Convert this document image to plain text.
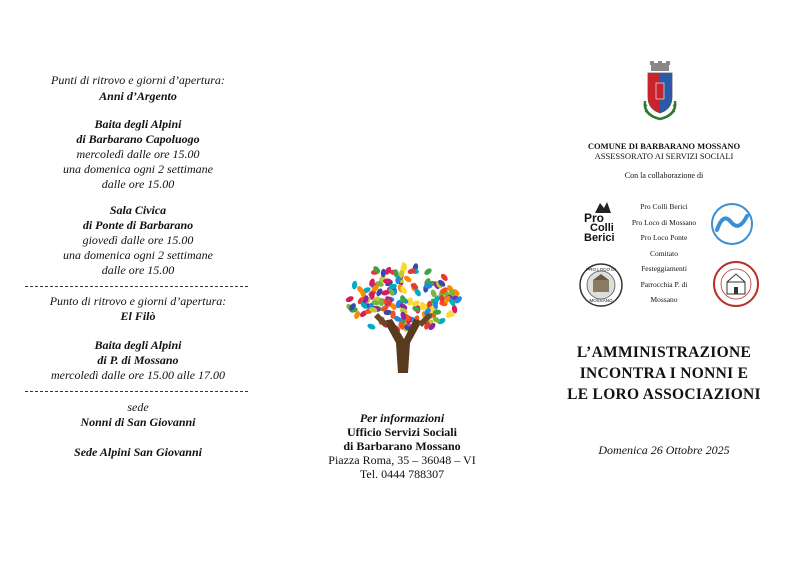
Punti di ritrovo e giorni d’apertura:
Anni d’Argento
Baita degli Alpini
di Barbarano Capoluogo
mercoledì dalle ore 15.00
una domenica ogni 2 settimane
dalle ore 15.00
Sala Civica
di Ponte di Barbarano
giovedì dalle ore 15.00
una domenica ogni 2 settimane
dalle ore 15.00
Punto di ritrovo e giorni d’apertura:
El Filò
Baita degli Alpini
di P. di Mossano
mercoledì dalle ore 15.00 alle 17.00
sede
Nonni di San Giovanni
Sede Alpini San Giovanni
Per informazioni
Ufficio Servizi Sociali
di Barbarano Mossano
Piazza Roma, 35 – 36048 – VI
Tel. 0444 788307
COMUNE DI BARBARANO MOSSANO
ASSESSORATO AI SERVIZI SOCIALI
Con la collaborazione di
Pro
Colli
Berici
Pro Colli Berici
Pro Loco di Mossano
Pro Loco Ponte
Comitato
Festeggiamenti
Parrocchia P. di
Mossano
PRO LOCO DI
MOSSANO
L’AMMINISTRAZIONE
INCONTRA I NONNI E
LE LORO ASSOCIAZIONI
Domenica 26 Ottobre 2025
